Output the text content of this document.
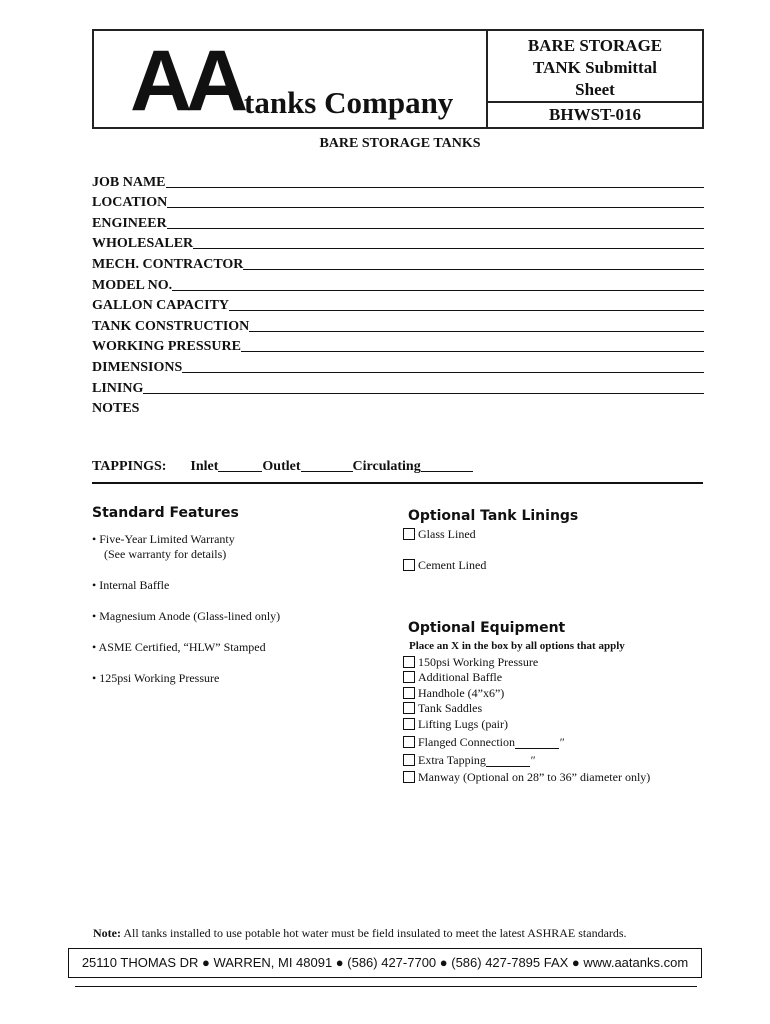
AA tanks Company
BARE STORAGE
TANK Submittal
Sheet
BHWST-016
BARE STORAGE TANKS
JOB NAME
LOCATION
ENGINEER
WHOLESALER
MECH. CONTRACTOR
MODEL NO.
GALLON CAPACITY
TANK CONSTRUCTION
WORKING PRESSURE
DIMENSIONS
LINING
NOTES
TAPPINGS: Inlet	Outlet	Circulating
Standard Features
• Five-Year Limited Warranty
(See warranty for details)
• Internal Baffle
• Magnesium Anode (Glass-lined only)
• ASME Certified, “HLW” Stamped
• 125psi Working Pressure
Optional Tank Linings
Glass Lined
Cement Lined
Optional Equipment
Place an X in the box by all options that apply
150psi Working Pressure
Additional Baffle
Handhole (4”x6”)
Tank Saddles
Lifting Lugs (pair)
Flanged Connection	″
Extra Tapping	″
Manway (Optional on 28” to 36” diameter only)
Note: All tanks installed to use potable hot water must be field insulated to meet the latest ASHRAE standards.
25110 THOMAS DR ● WARREN, MI 48091 ● (586) 427-7700 ● (586) 427-7895 FAX ● www.aatanks.com
